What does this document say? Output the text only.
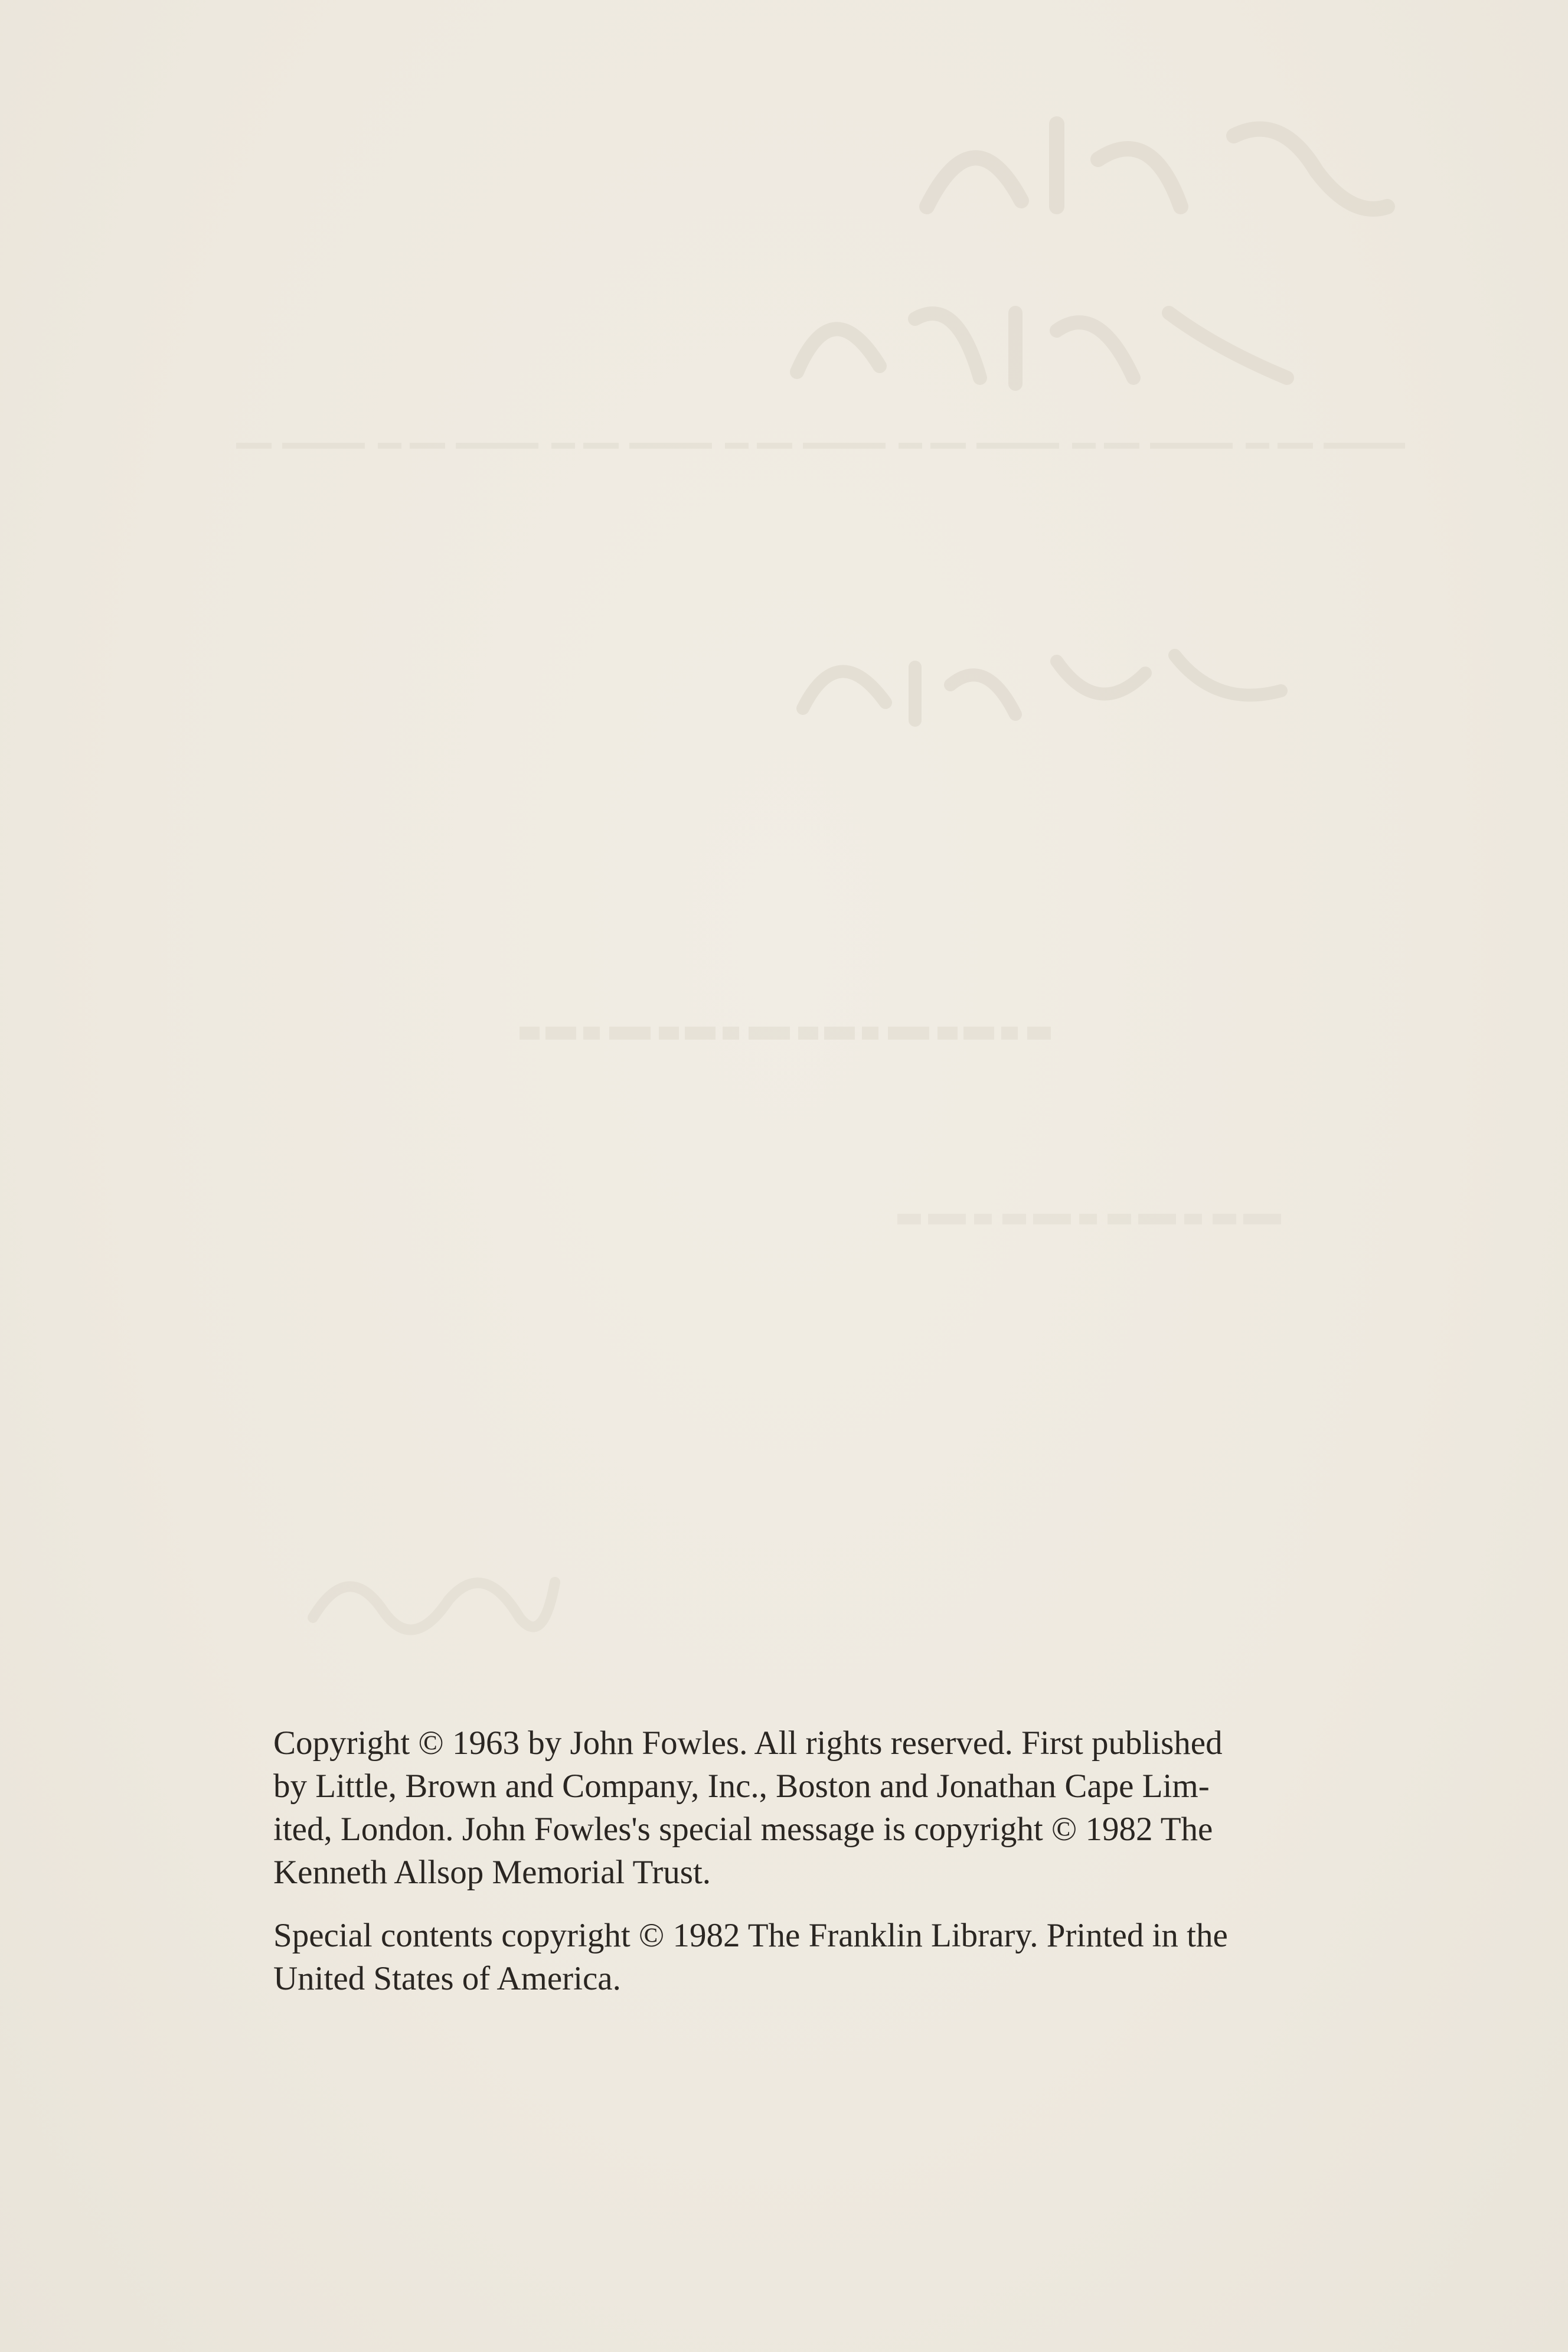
Copyright © 1963 by John Fowles. All rights reserved. First published
by Little, Brown and Company, Inc., Boston and Jonathan Cape Lim-
ited, London. John Fowles's special message is copyright © 1982 The
Kenneth Allsop Memorial Trust.

Special contents copyright © 1982 The Franklin Library. Printed in the
United States of America.
